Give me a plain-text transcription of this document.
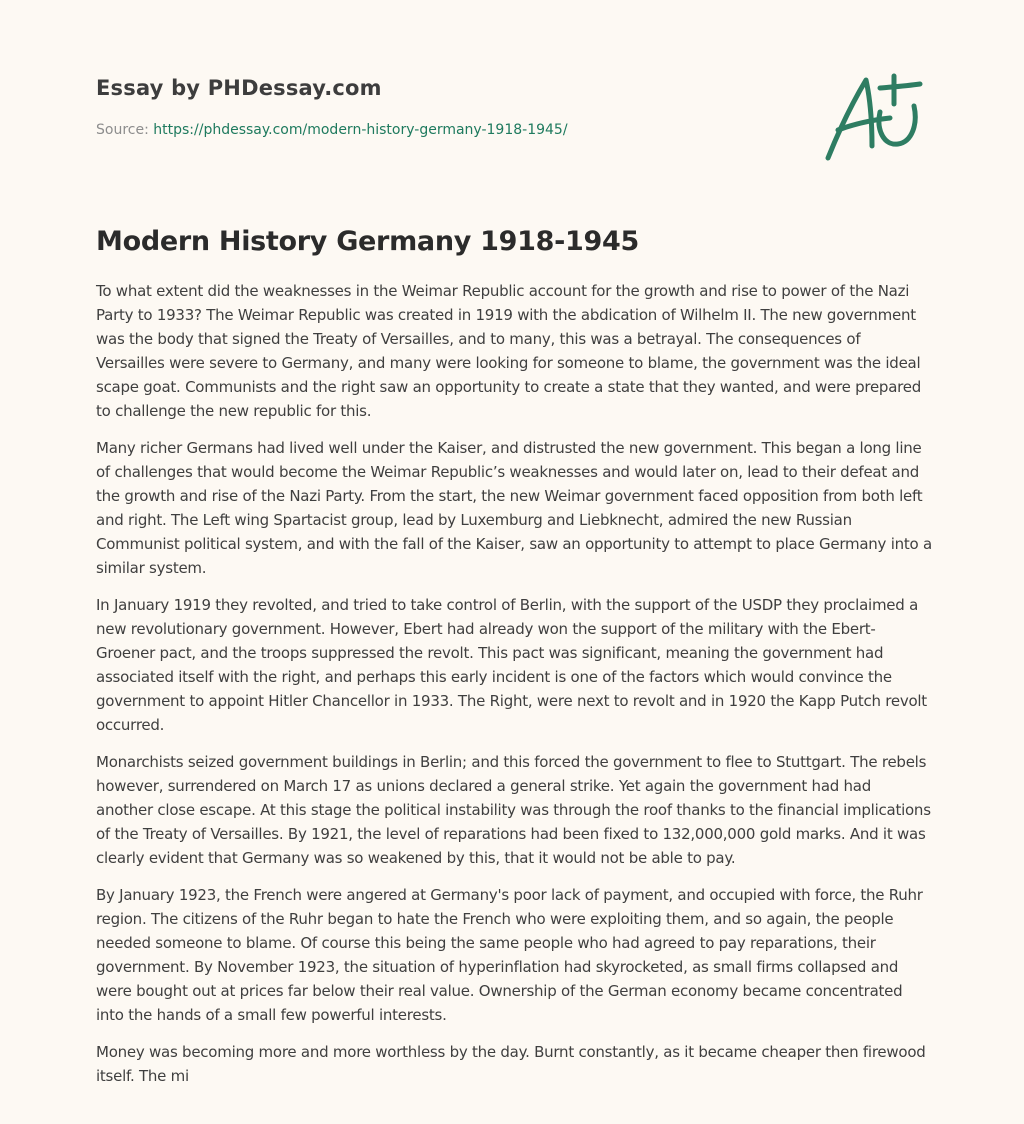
Essay by PHDessay.com
Source: https://phdessay.com/modern-history-germany-1918-1945/
Modern History Germany 1918-1945

To what extent did the weaknesses in the Weimar Republic account for the growth and rise to power of the Nazi Party to 1933? The Weimar Republic was created in 1919 with the abdication of Wilhelm II. The new government was the body that signed the Treaty of Versailles, and to many, this was a betrayal. The consequences of Versailles were severe to Germany, and many were looking for someone to blame, the government was the ideal scape goat. Communists and the right saw an opportunity to create a state that they wanted, and were prepared to challenge the new republic for this.

Many richer Germans had lived well under the Kaiser, and distrusted the new government. This began a long line of challenges that would become the Weimar Republic’s weaknesses and would later on, lead to their defeat and the growth and rise of the Nazi Party. From the start, the new Weimar government faced opposition from both left and right. The Left wing Spartacist group, lead by Luxemburg and Liebknecht, admired the new Russian Communist political system, and with the fall of the Kaiser, saw an opportunity to attempt to place Germany into a similar system.

In January 1919 they revolted, and tried to take control of Berlin, with the support of the USDP they proclaimed a new revolutionary government. However, Ebert had already won the support of the military with the Ebert-Groener pact, and the troops suppressed the revolt. This pact was significant, meaning the government had associated itself with the right, and perhaps this early incident is one of the factors which would convince the government to appoint Hitler Chancellor in 1933. The Right, were next to revolt and in 1920 the Kapp Putch revolt occurred.

Monarchists seized government buildings in Berlin; and this forced the government to flee to Stuttgart. The rebels however, surrendered on March 17 as unions declared a general strike. Yet again the government had had another close escape. At this stage the political instability was through the roof thanks to the financial implications of the Treaty of Versailles. By 1921, the level of reparations had been fixed to 132,000,000 gold marks. And it was clearly evident that Germany was so weakened by this, that it would not be able to pay.

By January 1923, the French were angered at Germany's poor lack of payment, and occupied with force, the Ruhr region. The citizens of the Ruhr began to hate the French who were exploiting them, and so again, the people needed someone to blame. Of course this being the same people who had agreed to pay reparations, their government. By November 1923, the situation of hyperinflation had skyrocketed, as small firms collapsed and were bought out at prices far below their real value. Ownership of the German economy became concentrated into the hands of a small few powerful interests.

Money was becoming more and more worthless by the day. Burnt constantly, as it became cheaper then firewood itself. The mi
